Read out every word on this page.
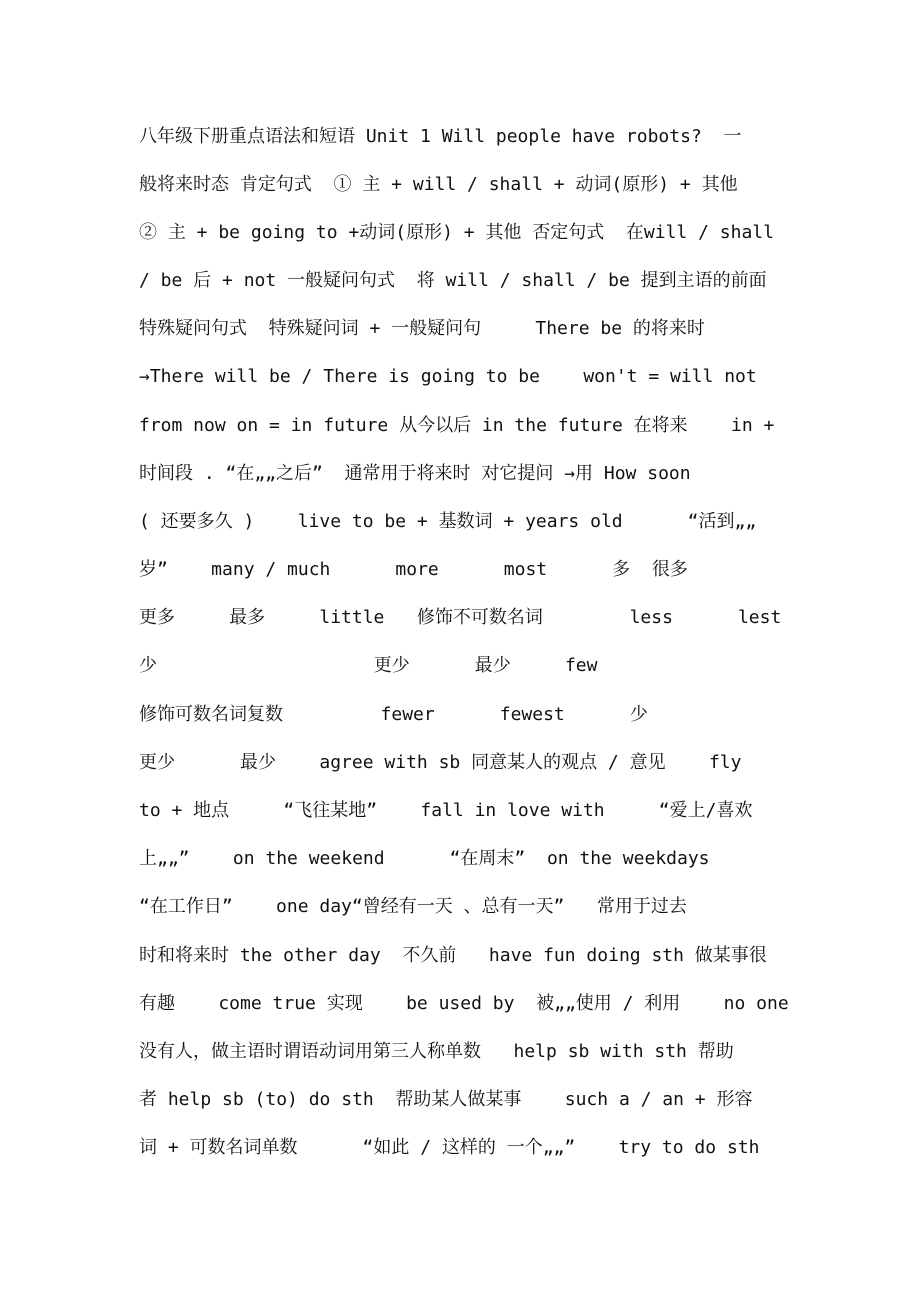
八年级下册重点语法和短语 Unit 1 Will people have robots?  一
般将来时态 肯定句式  ① 主 + will / shall + 动词(原形) + 其他
② 主 + be going to +动词(原形) + 其他 否定句式  在will / shall
/ be 后 + not 一般疑问句式  将 will / shall / be 提到主语的前面
特殊疑问句式  特殊疑问词 + 一般疑问句     There be 的将来时
→There will be / There is going to be    won't = will not
from now on = in future 从今以后 in the future 在将来    in +
时间段 . “在„„之后”  通常用于将来时 对它提问 →用 How soon
( 还要多久 )    live to be + 基数词 + years old      “活到„„
岁”    many / much      more      most      多  很多
更多     最多     little   修饰不可数名词        less      lest
少                    更少      最少     few
修饰可数名词复数         fewer      fewest      少
更少      最少    agree with sb 同意某人的观点 / 意见    fly
to + 地点     “飞往某地”    fall in love with     “爱上/喜欢
上„„”    on the weekend      “在周末”  on the weekdays
“在工作日”    one day“曾经有一天 、总有一天”   常用于过去
时和将来时 the other day  不久前   have fun doing sth 做某事很
有趣    come true 实现    be used by  被„„使用 / 利用    no one
没有人，做主语时谓语动词用第三人称单数   help sb with sth 帮助
者 help sb (to) do sth  帮助某人做某事    such a / an + 形容
词 + 可数名词单数      “如此 / 这样的 一个„„”    try to do sth
